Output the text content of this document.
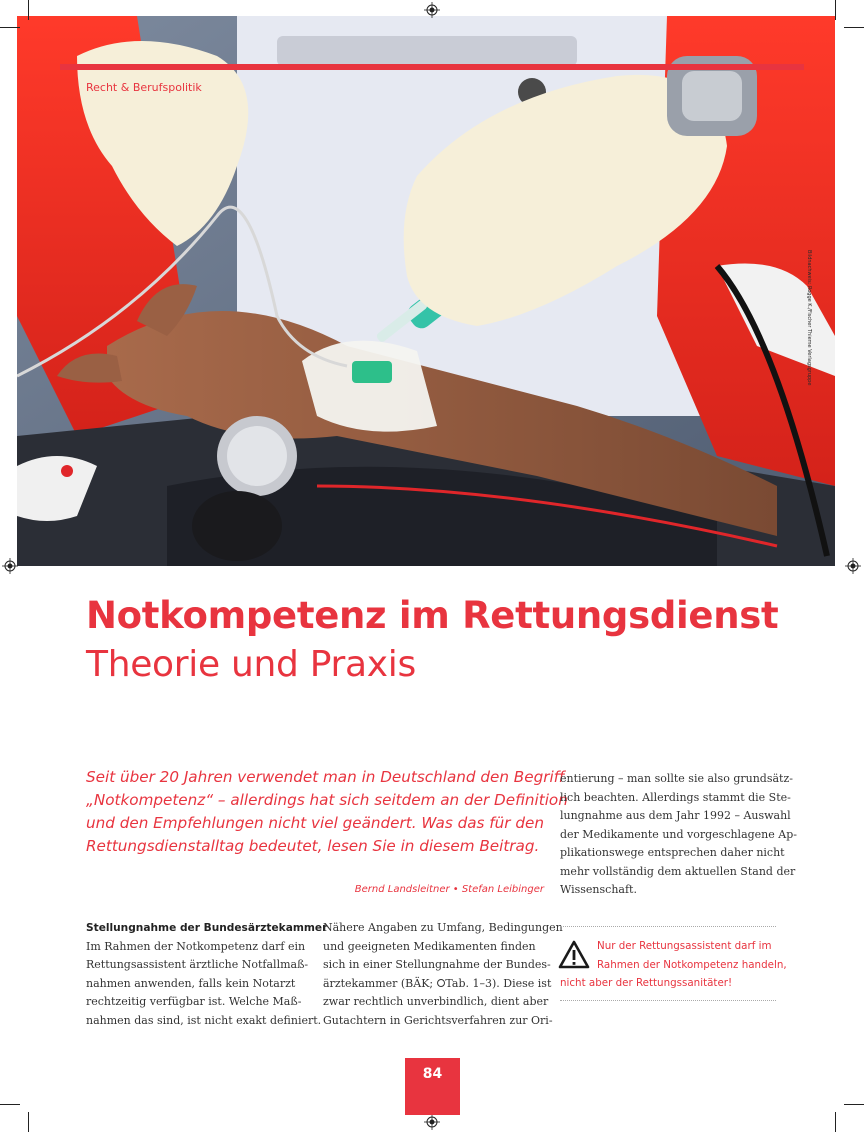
Recht & Berufspolitik
Bildnachweis: Rogge K./Fischer Thieme Verlagsgruppe
Notkompetenz im Rettungsdienst
Theorie und Praxis
Seit über 20 Jahren verwendet man in Deutschland den Begriff
„Notkompetenz“ – allerdings hat sich seitdem an der Definition
und den Empfehlungen nicht viel geändert. Was das für den
Rettungsdienstalltag bedeutet, lesen Sie in diesem Beitrag.
Bernd Landsleitner • Stefan Leibinger
Stellungnahme der Bundesärztekammer
Im Rahmen der Notkompetenz darf ein
Rettungsassistent ärztliche Notfallmaß-
nahmen anwenden, falls kein Notarzt
rechtzeitig verfügbar ist. Welche Maß-
nahmen das sind, ist nicht exakt definiert.
Nähere Angaben zu Umfang, Bedingungen
und geeigneten Medikamenten finden
sich in einer Stellungnahme der Bundes-
ärztekammer (BÄK; ⭘Tab. 1–3). Diese ist
zwar rechtlich unverbindlich, dient aber
Gutachtern in Gerichtsverfahren zur Ori-
entierung – man sollte sie also grundsätz-
lich beachten. Allerdings stammt die Ste-
lungnahme aus dem Jahr 1992 – Auswahl
der Medikamente und vorgeschlagene Ap-
plikationswege entsprechen daher nicht
mehr vollständig dem aktuellen Stand der
Wissenschaft.
Nur der Rettungsassistent darf im
Rahmen der Notkompetenz handeln,
nicht aber der Rettungssanitäter!
84
